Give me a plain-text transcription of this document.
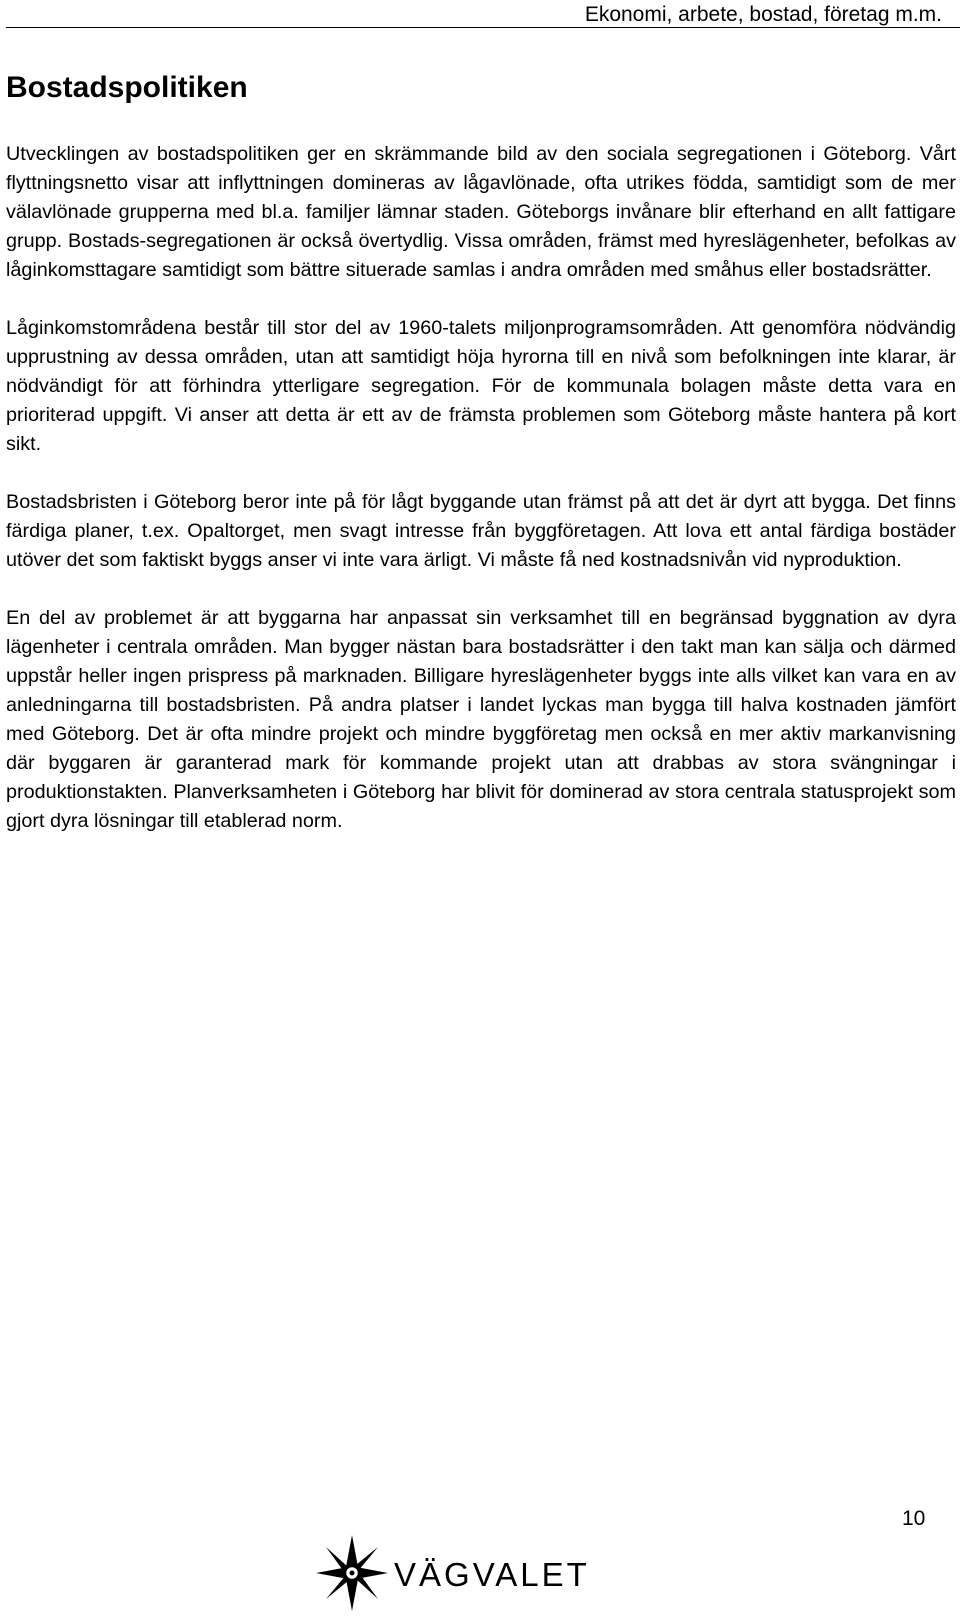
Ekonomi, arbete, bostad, företag m.m.
Bostadspolitiken

Utvecklingen av bostadspolitiken ger en skrämmande bild av den sociala segregationen i Göteborg. Vårt flyttningsnetto visar att inflyttningen domineras av lågavlönade, ofta utrikes födda, samtidigt som de mer välavlönade grupperna med bl.a. familjer lämnar staden. Göteborgs invånare blir efterhand en allt fattigare grupp. Bostads-segregationen är också övertydlig. Vissa områden, främst med hyreslägenheter, befolkas av låginkomsttagare samtidigt som bättre situerade samlas i andra områden med småhus eller bostadsrätter.

Låginkomstområdena består till stor del av 1960-talets miljonprogramsområden. Att genomföra nödvändig upprustning av dessa områden, utan att samtidigt höja hyrorna till en nivå som befolkningen inte klarar, är nödvändigt för att förhindra ytterligare segregation. För de kommunala bolagen måste detta vara en prioriterad uppgift. Vi anser att detta är ett av de främsta problemen som Göteborg måste hantera på kort sikt.

Bostadsbristen i Göteborg beror inte på för lågt byggande utan främst på att det är dyrt att bygga. Det finns färdiga planer, t.ex. Opaltorget, men svagt intresse från byggföretagen. Att lova ett antal färdiga bostäder utöver det som faktiskt byggs anser vi inte vara ärligt. Vi måste få ned kostnadsnivån vid nyproduktion.

En del av problemet är att byggarna har anpassat sin verksamhet till en begränsad byggnation av dyra lägenheter i centrala områden. Man bygger nästan bara bostadsrätter i den takt man kan sälja och därmed uppstår heller ingen prispress på marknaden. Billigare hyreslägenheter byggs inte alls vilket kan vara en av anledningarna till bostadsbristen. På andra platser i landet lyckas man bygga till halva kostnaden jämfört med Göteborg. Det är ofta mindre projekt och mindre byggföretag men också en mer aktiv markanvisning där byggaren är garanterad mark för kommande projekt utan att drabbas av stora svängningar i produktionstakten. Planverksamheten i Göteborg har blivit för dominerad av stora centrala statusprojekt som gjort dyra lösningar till etablerad norm.

VÄGVALET
10
